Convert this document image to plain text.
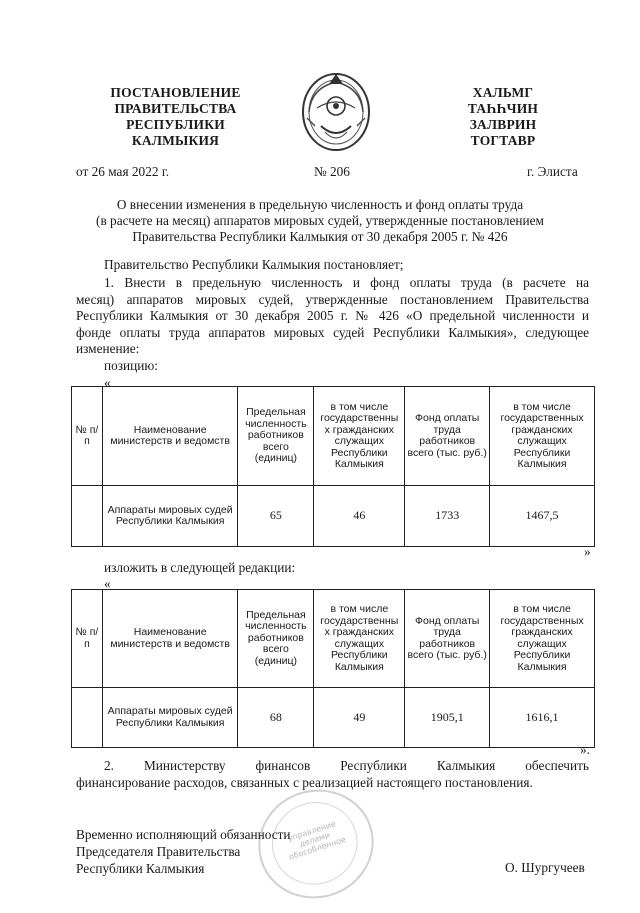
ПОСТАНОВЛЕНИЕ
ПРАВИТЕЛЬСТВА
РЕСПУБЛИКИ
КАЛМЫКИЯ
ХАЛЬМГ
ТАҺҺЧИН
ЗАЛВРИН
ТОГТАВР
от 26 мая 2022 г.	№ 206	г. Элиста
О внесении изменения в предельную численность и фонд оплаты труда
(в расчете на месяц) аппаратов мировых судей, утвержденные постановлением
Правительства Республики Калмыкия от 30 декабря 2005 г. № 426
Правительство Республики Калмыкия постановляет;
1. Внести в предельную численность и фонд оплаты труда (в расчете на
месяц) аппаратов мировых судей, утвержденные постановлением Правительства
Республики Калмыкия от 30 декабря 2005 г. № 426 «О предельной численности и
фонде оплаты труда аппаратов мировых судей Республики Калмыкия», следующее
изменение:
позицию:
«
№ п/п	Наименование министерств и ведомств	Предельная численность работников всего (единиц)	в том числе государственны х гражданских служащих Республики Калмыкия	Фонд оплаты труда работников всего (тыс. руб.)	в том числе государственных гражданских служащих Республики Калмыкия
	Аппараты мировых судей Республики Калмыкия	65	46	1733	1467,5
»
изложить в следующей редакции:
«
№ п/п	Наименование министерств и ведомств	Предельная численность работников всего (единиц)	в том числе государственны х гражданских служащих Республики Калмыкия	Фонд оплаты труда работников всего (тыс. руб.)	в том числе государственных гражданских служащих Республики Калмыкия
	Аппараты мировых судей Республики Калмыкия	68	49	1905,1	1616,1
».
2. Министерству финансов Республики Калмыкия обеспечить
финансирование расходов, связанных с реализацией настоящего постановления.
управление делами обособленное
Временно исполняющий обязанности
Председателя Правительства
Республики Калмыкия	О. Шургучеев
